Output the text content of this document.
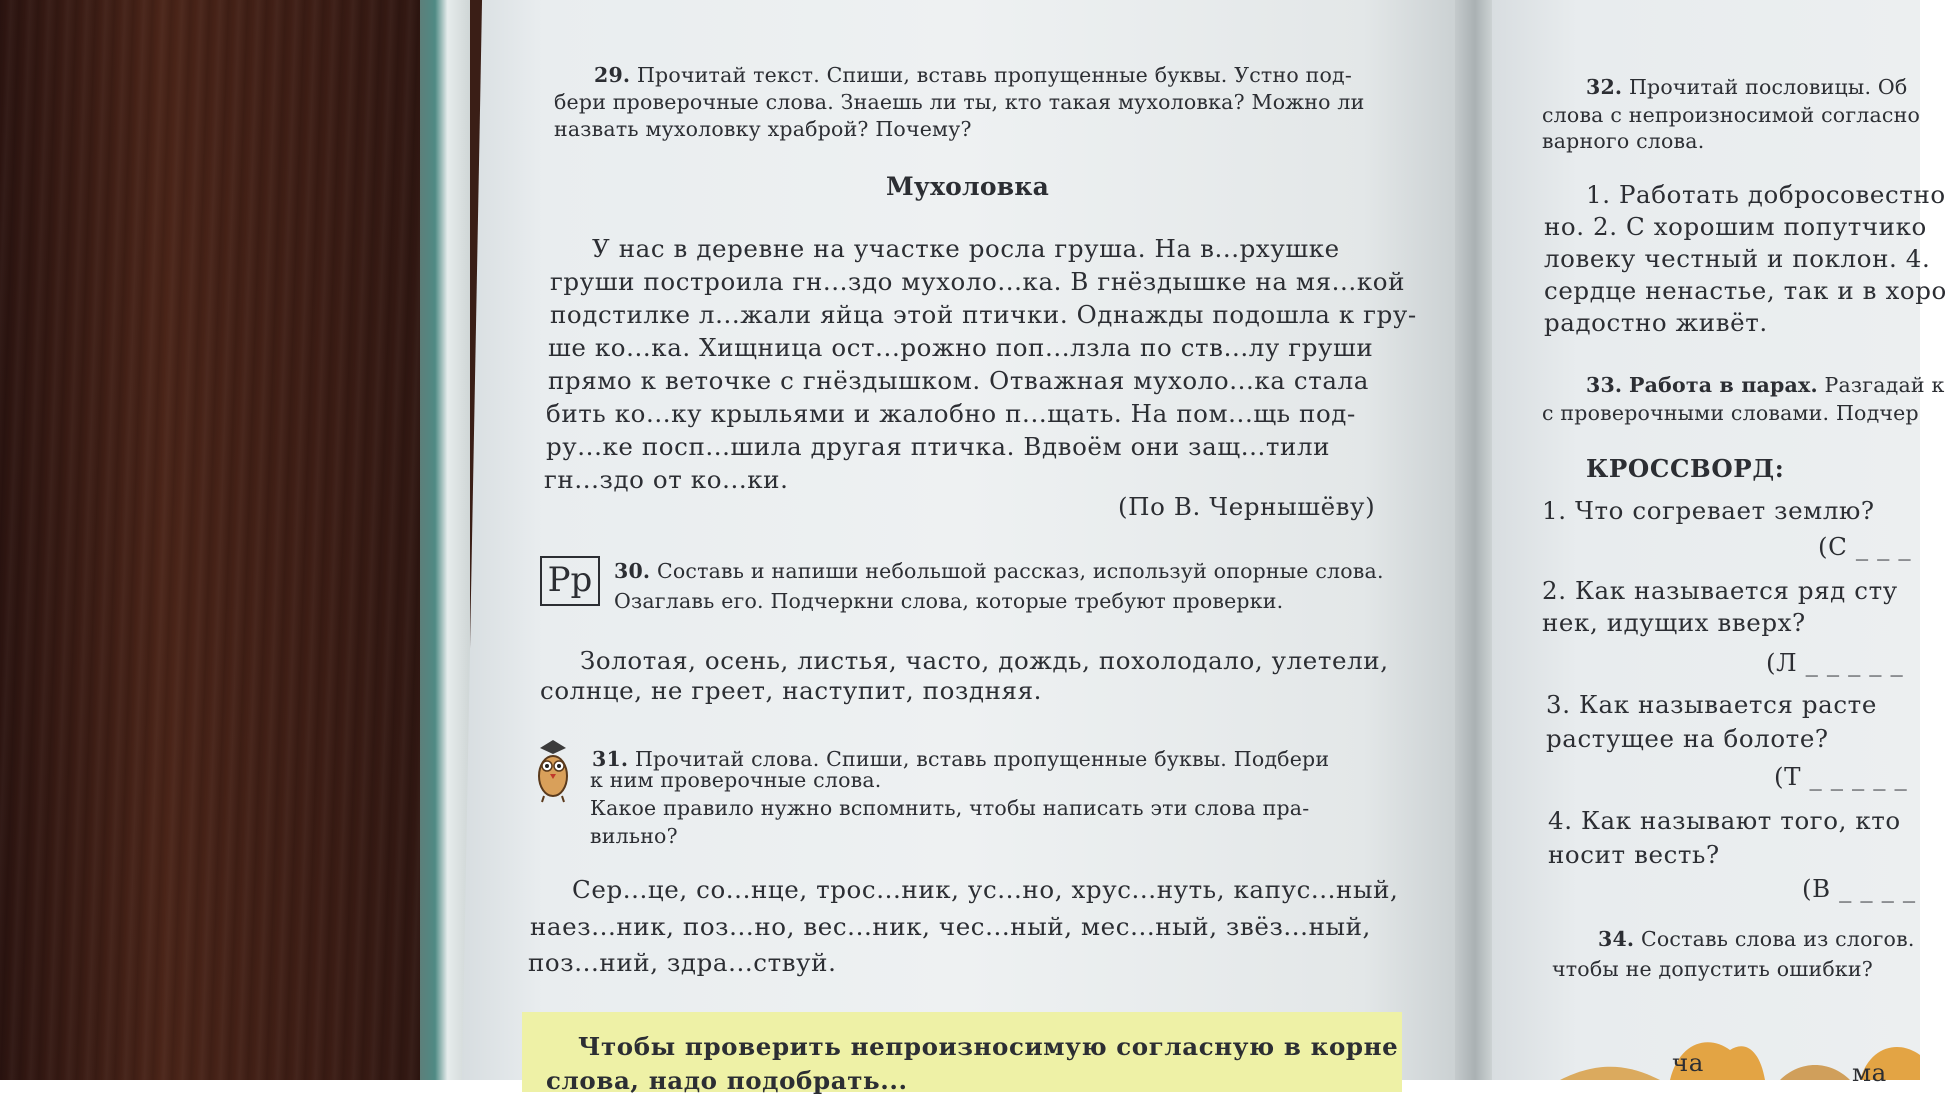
29. Прочитай текст. Спиши, вставь пропущенные буквы. Устно под-
бери проверочные слова. Знаешь ли ты, кто такая мухоловка? Можно ли
назвать мухоловку храброй? Почему?
Мухоловка
У нас в деревне на участке росла груша. На в...рхушке
груши построила гн...здо мухоло...ка. В гнёздышке на мя...кой
подстилке л...жали яйца этой птички. Однажды подошла к гру-
ше ко...ка. Хищница ост...рожно поп...лзла по ств...лу груши
прямо к веточке с гнёздышком. Отважная мухоло...ка стала
бить ко...ку крыльями и жалобно п...щать. На пом...щь под-
ру...ке посп...шила другая птичка. Вдвоём они защ...тили
гн...здо от ко...ки.
(По В. Чернышёву)
Рр	30. Составь и напиши небольшой рассказ, используй опорные слова.
Озаглавь его. Подчеркни слова, которые требуют проверки.
Золотая, осень, листья, часто, дождь, похолодало, улетели,
солнце, не греет, наступит, поздняя.
31. Прочитай слова. Спиши, вставь пропущенные буквы. Подбери
к ним проверочные слова.
Какое правило нужно вспомнить, чтобы написать эти слова пра-
вильно?
Сер...це, со...нце, трос...ник, ус...но, хрус...нуть, капус...ный,
наез...ник, поз...но, вес...ник, чес...ный, мес...ный, звёз...ный,
поз...ний, здра...ствуй.
Чтобы проверить непроизносимую согласную в корне
слова, надо подобрать...
32. Прочитай пословицы. Об
слова с непроизносимой согласно
варного слова.
1. Работать добросовестно
но. 2. С хорошим попутчико
ловеку честный и поклон. 4.
сердце ненастье, так и в хоро
радостно живёт.
33. Работа в парах. Разгадай к
с проверочными словами. Подчер
КРОССВОРД:
1. Что согревает землю?
(С _ _ _
2. Как называется ряд сту
нек, идущих вверх?
(Л _ _ _ _ _
3. Как называется расте
растущее на болоте?
(Т _ _ _ _ _
4. Как называют того, кто
носит весть?
(В _ _ _ _
34. Составь слова из слогов.
чтобы не допустить ошибки?
ча	ма
